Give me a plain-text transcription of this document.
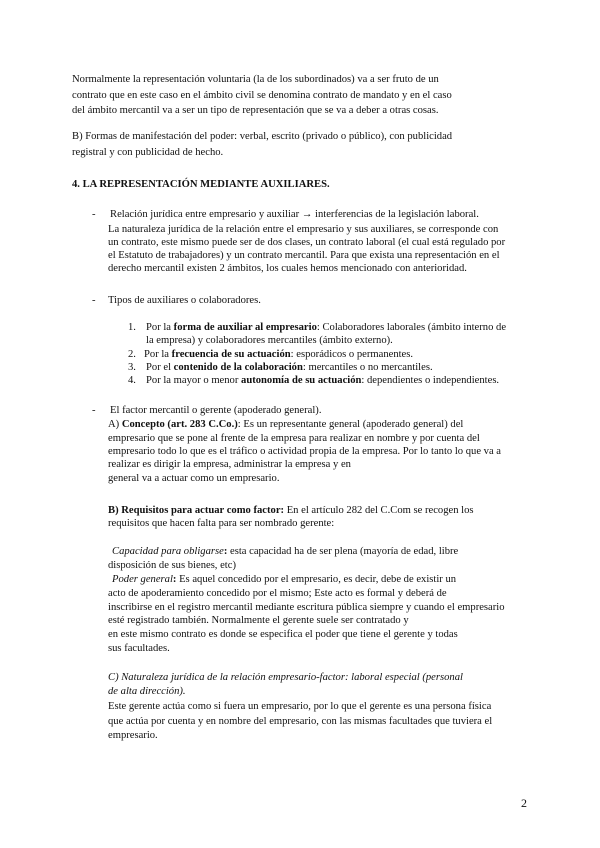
Normalmente la representación voluntaria (la de los subordinados) va a ser fruto de un
contrato que en este caso en el ámbito civil se denomina contrato de mandato y en el caso
del ámbito mercantil va a ser un tipo de representación que se va a deber a otras cosas.
B) Formas de manifestación del poder: verbal, escrito (privado o público), con publicidad
registral y con publicidad de hecho.
4. LA REPRESENTACIÓN MEDIANTE AUXILIARES.
- Relación jurídica entre empresario y auxiliar → interferencias de la legislación laboral.
La naturaleza jurídica de la relación entre el empresario y sus auxiliares, se corresponde con
un contrato, este mismo puede ser de dos clases, un contrato laboral (el cual está regulado por
el Estatuto de trabajadores) y un contrato mercantil. Para que exista una representación en el
derecho mercantil existen 2 ámbitos, los cuales hemos mencionado con anterioridad.
- Tipos de auxiliares o colaboradores.
1. Por la forma de auxiliar al empresario: Colaboradores laborales (ámbito interno de
la empresa) y colaboradores mercantiles (ámbito externo).
2. Por la frecuencia de su actuación: esporádicos o permanentes.
3. Por el contenido de la colaboración: mercantiles o no mercantiles.
4. Por la mayor o menor autonomía de su actuación: dependientes o independientes.
- El factor mercantil o gerente (apoderado general).
A) Concepto (art. 283 C.Co.): Es un representante general (apoderado general) del
empresario que se pone al frente de la empresa para realizar en nombre y por cuenta del
empresario todo lo que es el tráfico o actividad propia de la empresa. Por lo tanto lo que va a
realizar es dirigir la empresa, administrar la empresa y en
general va a actuar como un empresario.
B) Requisitos para actuar como factor: En el artículo 282 del C.Com se recogen los
requisitos que hacen falta para ser nombrado gerente:
Capacidad para obligarse: esta capacidad ha de ser plena (mayoría de edad, libre
disposición de sus bienes, etc)
Poder general: Es aquel concedido por el empresario, es decir, debe de existir un
acto de apoderamiento concedido por el mismo; Este acto es formal y deberá de
inscribirse en el registro mercantil mediante escritura pública siempre y cuando el empresario
esté registrado también. Normalmente el gerente suele ser contratado y
en este mismo contrato es donde se especifica el poder que tiene el gerente y todas
sus facultades.
C) Naturaleza jurídica de la relación empresario-factor: laboral especial (personal
de alta dirección).
Este gerente actúa como si fuera un empresario, por lo que el gerente es una persona física
que actúa por cuenta y en nombre del empresario, con las mismas facultades que tuviera el
empresario.
2
